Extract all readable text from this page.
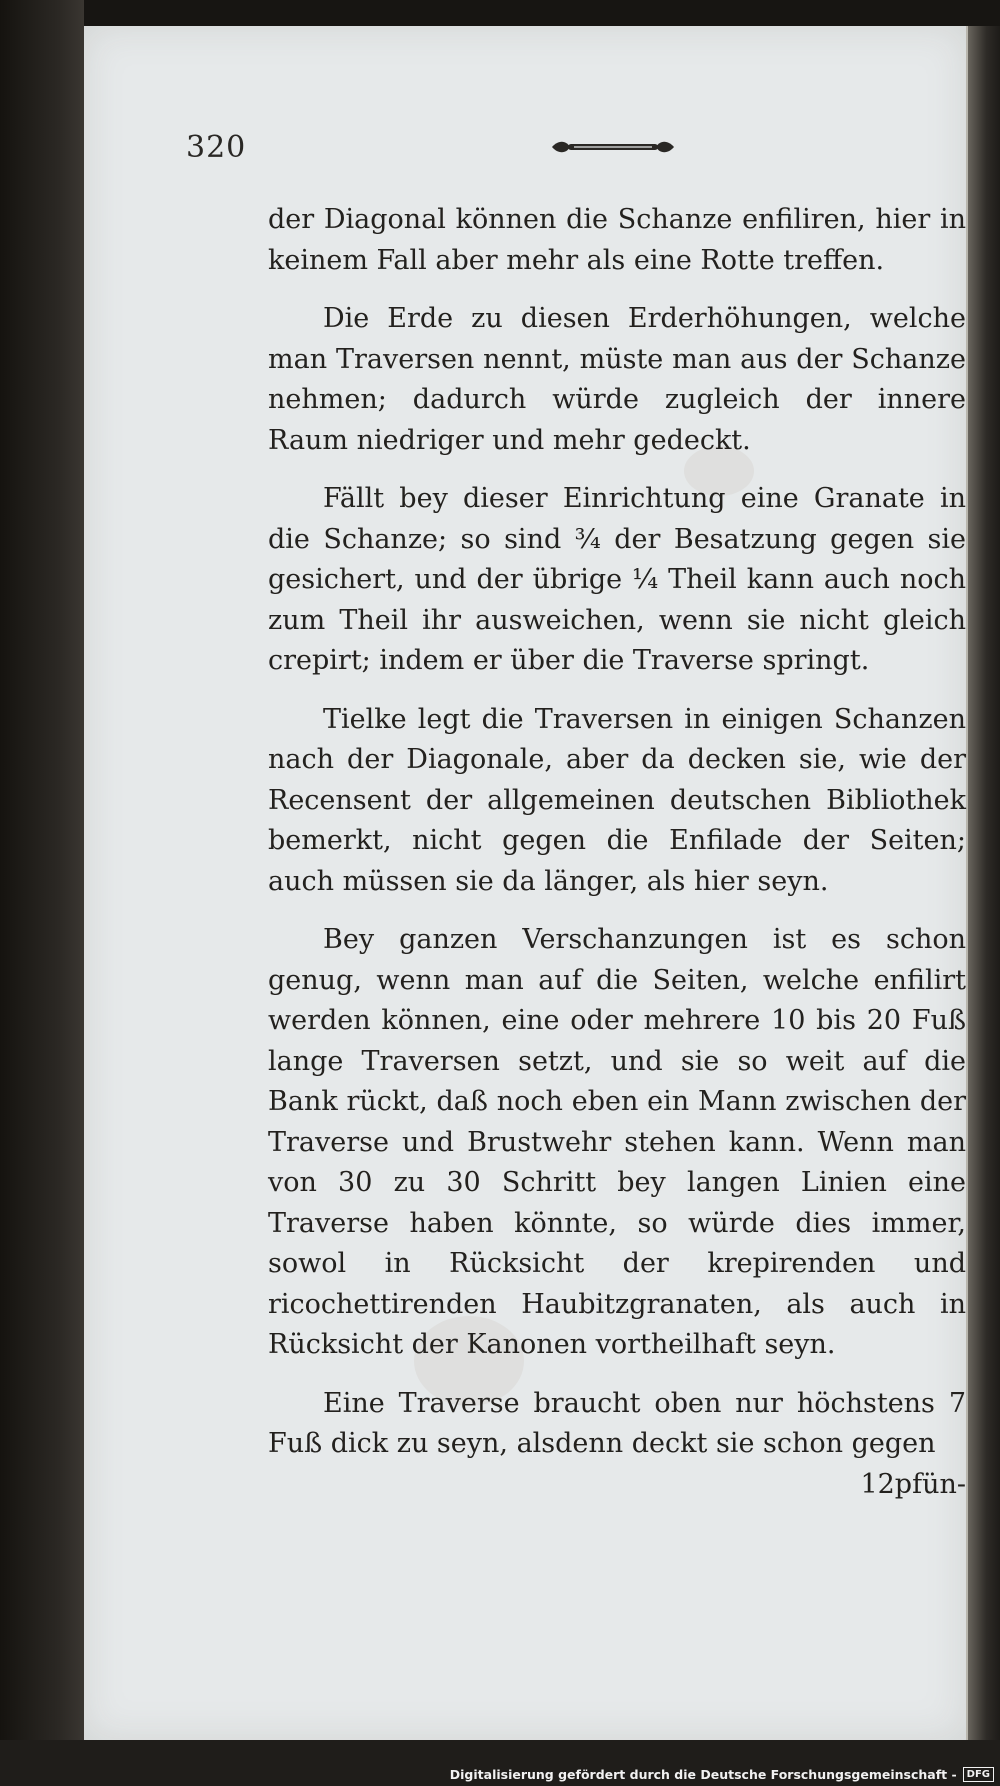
320

der Diagonal können die Schanze enfiliren, hier in keinem Fall aber mehr als eine Rotte treffen.

Die Erde zu diesen Erderhöhungen, welche man Traversen nennt, müste man aus der Schanze nehmen; dadurch würde zugleich der innere Raum niedriger und mehr gedeckt.

Fällt bey dieser Einrichtung eine Granate in die Schanze; so sind ¾ der Besatzung gegen sie gesichert, und der übrige ¼ Theil kann auch noch zum Theil ihr ausweichen, wenn sie nicht gleich crepirt; indem er über die Traverse springt.

Tielke legt die Traversen in einigen Schanzen nach der Diagonale, aber da decken sie, wie der Recensent der allgemeinen deutschen Bibliothek bemerkt, nicht gegen die Enfilade der Seiten; auch müssen sie da länger, als hier seyn.

Bey ganzen Verschanzungen ist es schon genug, wenn man auf die Seiten, welche enfilirt werden können, eine oder mehrere 10 bis 20 Fuß lange Traversen setzt, und sie so weit auf die Bank rückt, daß noch eben ein Mann zwischen der Traverse und Brustwehr stehen kann. Wenn man von 30 zu 30 Schritt bey langen Linien eine Traverse haben könnte, so würde dies immer, sowol in Rücksicht der krepirenden und ricochettirenden Haubitzgranaten, als auch in Rücksicht der Kanonen vortheilhaft seyn.

Eine Traverse braucht oben nur höchstens 7 Fuß dick zu seyn, alsdenn deckt sie schon gegen

12pfün-

Digitalisierung gefördert durch die Deutsche Forschungsgemeinschaft -	DFG
